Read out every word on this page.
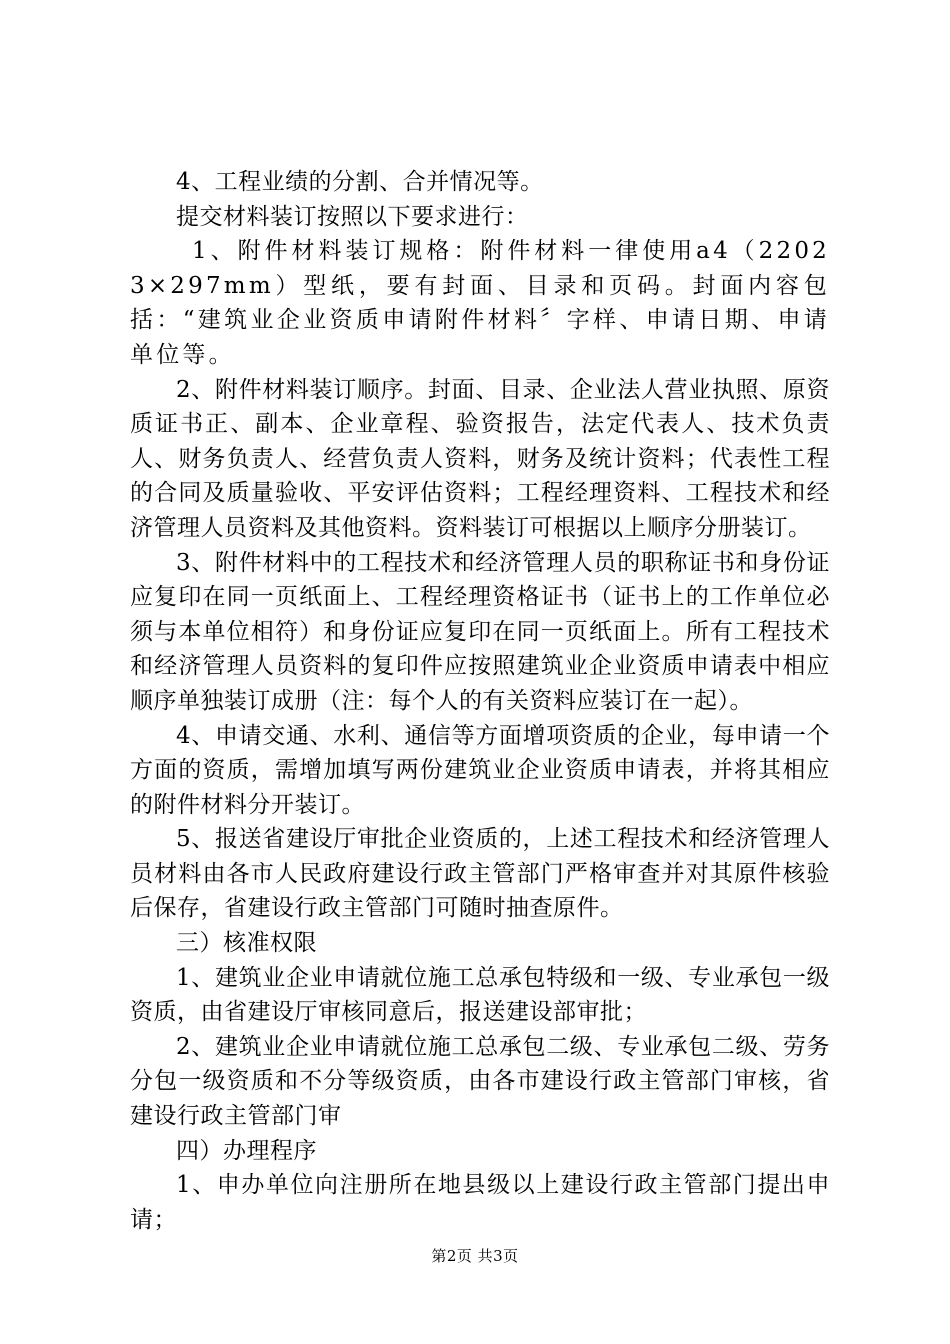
4、工程业绩的分割、合并情况等。

提交材料装订按照以下要求进行：

1、附件材料装订规格：附件材料一律使用a4（22023×297mm）型纸，要有封面、目录和页码。封面内容包括：“建筑业企业资质申请附件材料〞字样、申请日期、申请单位等。

2、附件材料装订顺序。封面、目录、企业法人营业执照、原资质证书正、副本、企业章程、验资报告，法定代表人、技术负责人、财务负责人、经营负责人资料，财务及统计资料；代表性工程的合同及质量验收、平安评估资料；工程经理资料、工程技术和经济管理人员资料及其他资料。资料装订可根据以上顺序分册装订。

3、附件材料中的工程技术和经济管理人员的职称证书和身份证应复印在同一页纸面上、工程经理资格证书（证书上的工作单位必须与本单位相符）和身份证应复印在同一页纸面上。所有工程技术和经济管理人员资料的复印件应按照建筑业企业资质申请表中相应顺序单独装订成册（注：每个人的有关资料应装订在一起）。

4、申请交通、水利、通信等方面增项资质的企业，每申请一个方面的资质，需增加填写两份建筑业企业资质申请表，并将其相应的附件材料分开装订。

5、报送省建设厅审批企业资质的，上述工程技术和经济管理人员材料由各市人民政府建设行政主管部门严格审查并对其原件核验后保存，省建设行政主管部门可随时抽查原件。

三）核准权限

1、建筑业企业申请就位施工总承包特级和一级、专业承包一级资质，由省建设厅审核同意后，报送建设部审批；

2、建筑业企业申请就位施工总承包二级、专业承包二级、劳务分包一级资质和不分等级资质，由各市建设行政主管部门审核，省建设行政主管部门审

四）办理程序

1、申办单位向注册所在地县级以上建设行政主管部门提出申请；

第2页 共3页
